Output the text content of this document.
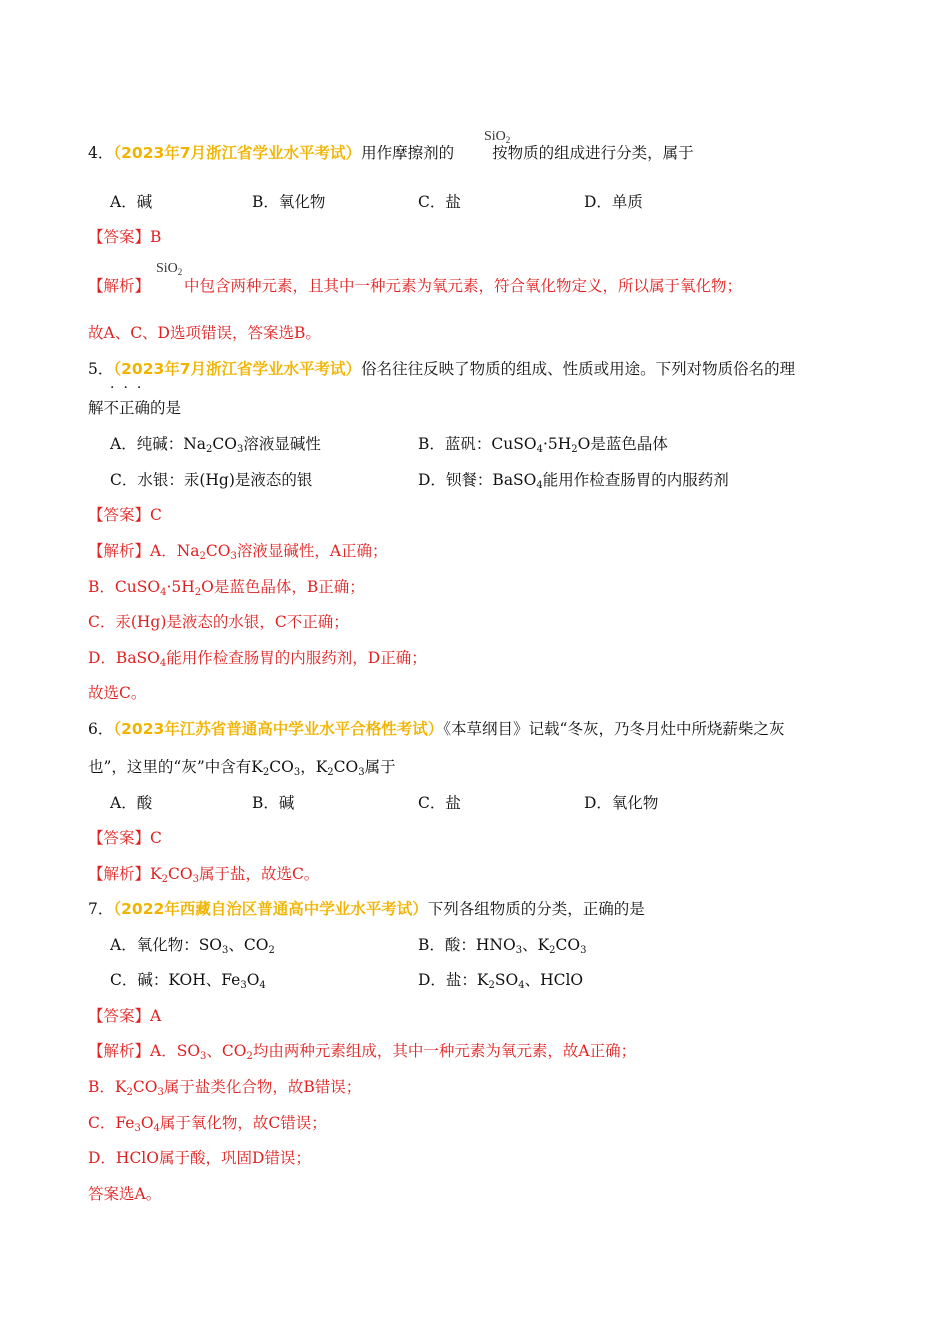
SiO$_2$
4．（2023年7月浙江省学业水平考试）用作摩擦剂的 按物质的组成进行分类，属于
A．碱	B．氧化物	C．盐	D．单质
【答案】B
SiO$_2$
【解析】 中包含两种元素，且其中一种元素为氧元素，符合氧化物定义，所以属于氧化物；
故A、C、D选项错误，答案选B。
5．（2023年7月浙江省学业水平考试）俗名往往反映了物质的组成、性质或用途。下列对物质俗名的理
···
解不正确的是
A．纯碱：$Na_2CO_3$溶液显碱性	B．蓝矾：$CuSO_4\cdot 5H_2O$是蓝色晶体
C．水银：汞(Hg)是液态的银	D．钡餐：BaSO$_4$能用作检查肠胃的内服药剂
【答案】C
【解析】A．$Na_2CO_3$溶液显碱性，A正确；
B．$CuSO_4\cdot 5H_2O$是蓝色晶体，B正确；
C．汞(Hg)是液态的水银，C不正确；
D．BaSO$_4$能用作检查肠胃的内服药剂，D正确；
故选C。
6．（2023年江苏省普通高中学业水平合格性考试）《本草纲目》记载“冬灰，乃冬月灶中所烧薪柴之灰
也”，这里的“灰”中含有$K_2CO_3$，$K_2CO_3$属于
A．酸	B．碱	C．盐	D．氧化物
【答案】C
【解析】$K_2CO_3$属于盐，故选C。
7．（2022年西藏自治区普通高中学业水平考试）下列各组物质的分类，正确的是
A．氧化物：$SO_3$、$CO_2$	B．酸：$HNO_3$、$K_2CO_3$
C．碱：KOH、$Fe_3O_4$	D．盐：$K_2SO_4$、HClO
【答案】A
【解析】A．$SO_3$、$CO_2$均由两种元素组成，其中一种元素为氧元素，故A正确；
B．$K_2CO_3$属于盐类化合物，故B错误；
C．$Fe_3O_4$属于氧化物，故C错误；
D．HClO属于酸，巩固D错误；
答案选A。
